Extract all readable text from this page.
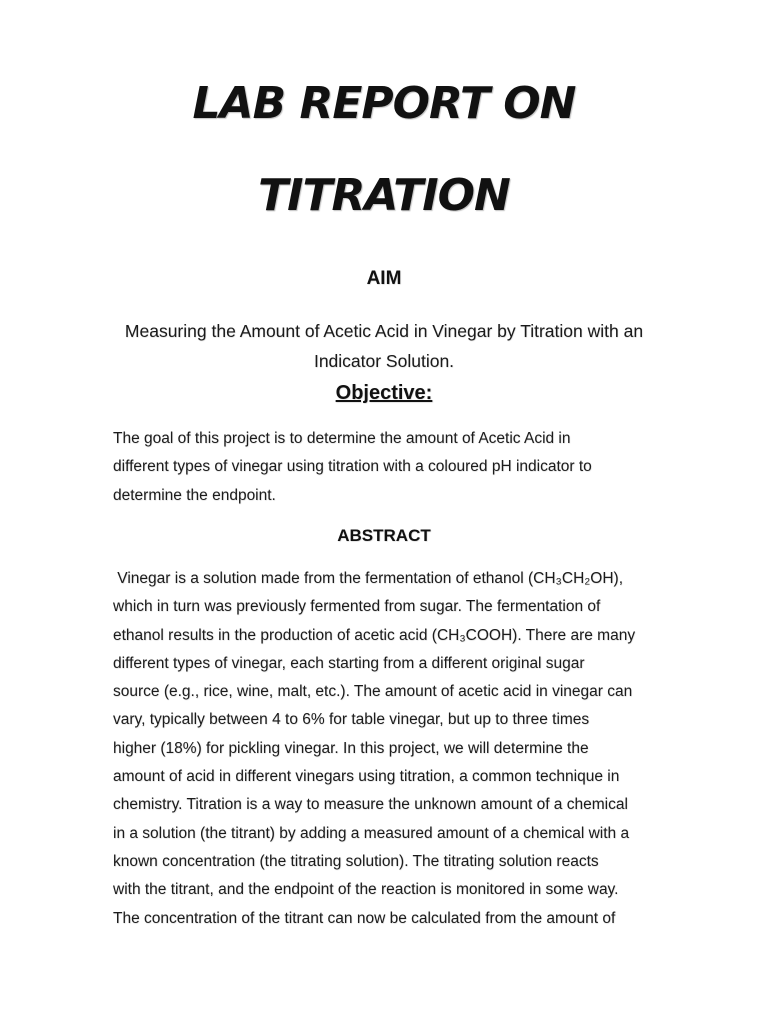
LAB REPORT ON
TITRATION
AIM
Measuring the Amount of Acetic Acid in Vinegar by Titration with an Indicator Solution.
Objective:
The goal of this project is to determine the amount of Acetic Acid in
different types of vinegar using titration with a coloured pH indicator to
determine the endpoint.
ABSTRACT
Vinegar is a solution made from the fermentation of ethanol (CH₃CH₂OH),
which in turn was previously fermented from sugar. The fermentation of
ethanol results in the production of acetic acid (CH₃COOH). There are many
different types of vinegar, each starting from a different original sugar
source (e.g., rice, wine, malt, etc.). The amount of acetic acid in vinegar can
vary, typically between 4 to 6% for table vinegar, but up to three times
higher (18%) for pickling vinegar. In this project, we will determine the
amount of acid in different vinegars using titration, a common technique in
chemistry. Titration is a way to measure the unknown amount of a chemical
in a solution (the titrant) by adding a measured amount of a chemical with a
known concentration (the titrating solution). The titrating solution reacts
with the titrant, and the endpoint of the reaction is monitored in some way.
The concentration of the titrant can now be calculated from the amount of
